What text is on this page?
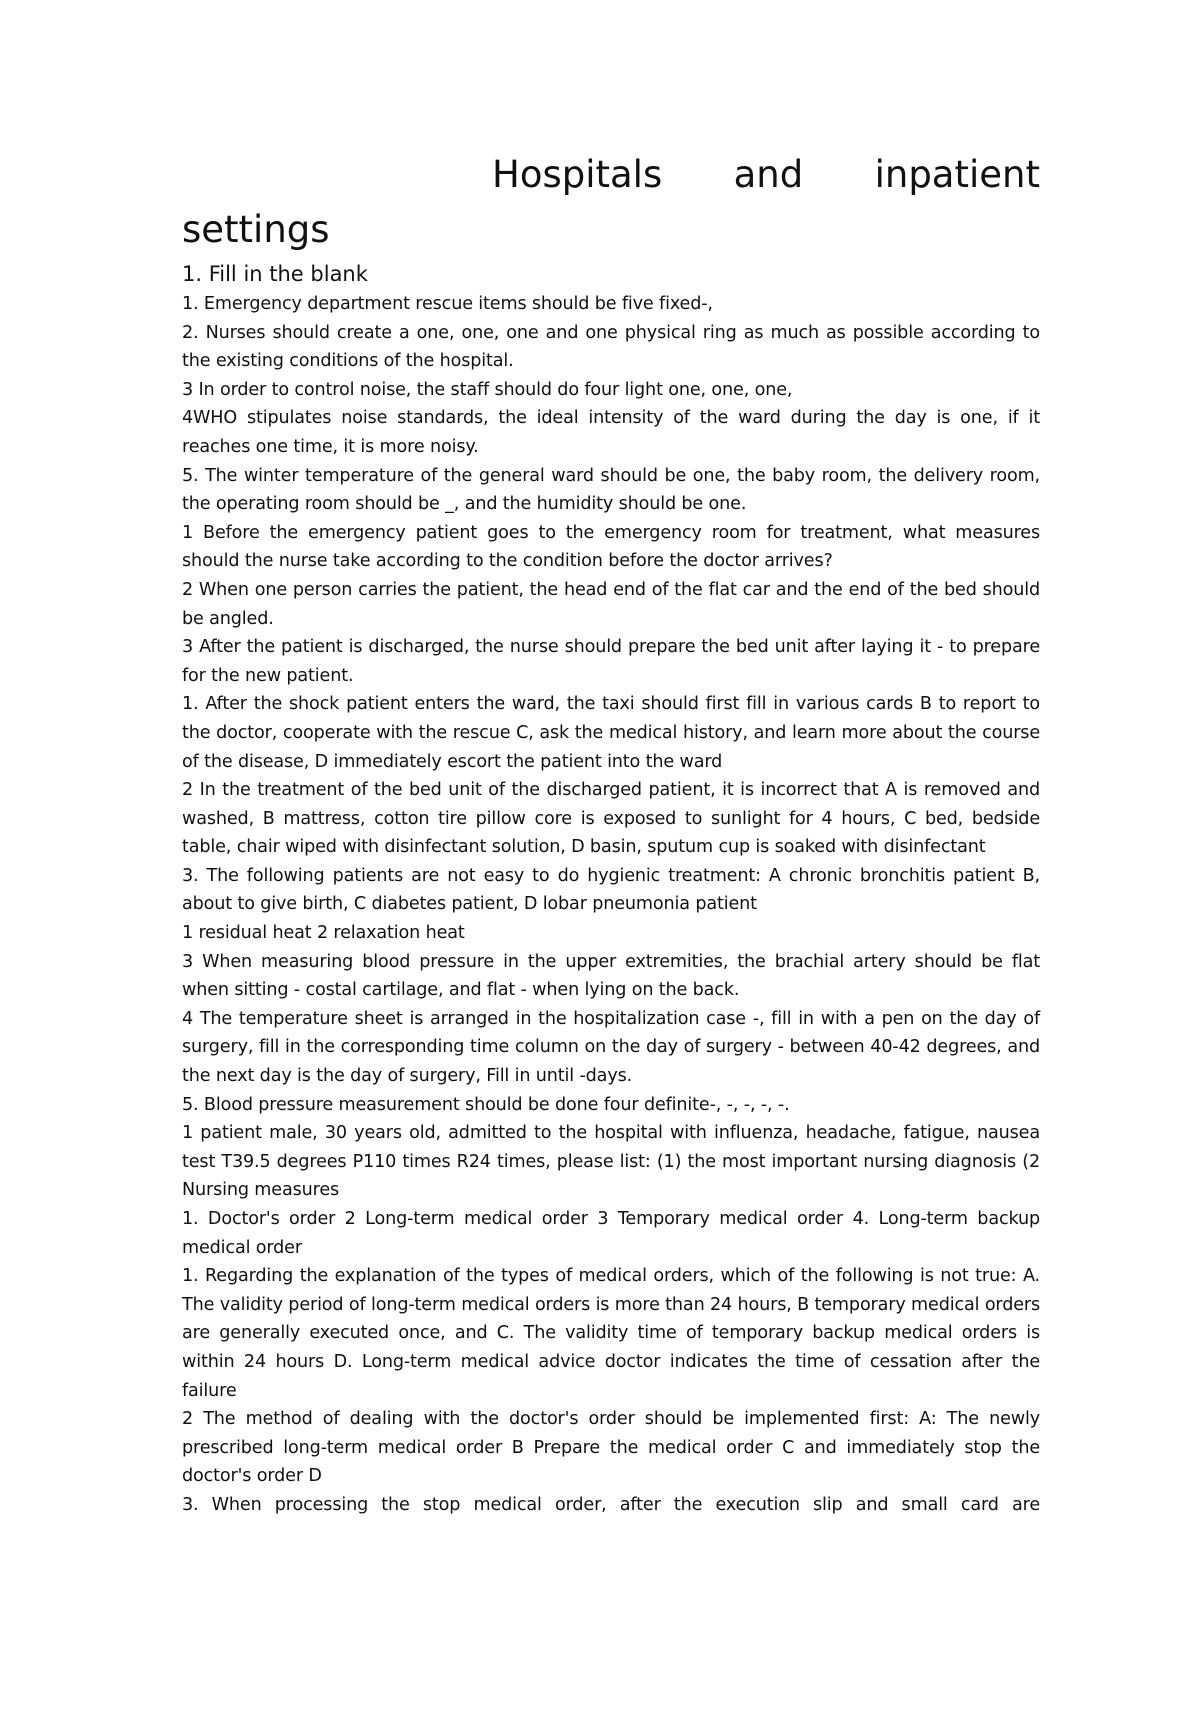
Hospitals and inpatient
settings

1. Fill in the blank

1. Emergency department rescue items should be five fixed-,

2. Nurses should create a one, one, one and one physical ring as much as possible according to the existing conditions of the hospital.

3 In order to control noise, the staff should do four light one, one, one,

4WHO stipulates noise standards, the ideal intensity of the ward during the day is one, if it reaches one time, it is more noisy.

5. The winter temperature of the general ward should be one, the baby room, the delivery room, the operating room should be _, and the humidity should be one.

1 Before the emergency patient goes to the emergency room for treatment, what measures should the nurse take according to the condition before the doctor arrives?

2 When one person carries the patient, the head end of the flat car and the end of the bed should be angled.

3 After the patient is discharged, the nurse should prepare the bed unit after laying it - to prepare for the new patient.

1. After the shock patient enters the ward, the taxi should first fill in various cards B to report to the doctor, cooperate with the rescue C, ask the medical history, and learn more about the course of the disease, D immediately escort the patient into the ward

2 In the treatment of the bed unit of the discharged patient, it is incorrect that A is removed and washed, B mattress, cotton tire pillow core is exposed to sunlight for 4 hours, C bed, bedside table, chair wiped with disinfectant solution, D basin, sputum cup is soaked with disinfectant

3. The following patients are not easy to do hygienic treatment: A chronic bronchitis patient B, about to give birth, C diabetes patient, D lobar pneumonia patient

1 residual heat 2 relaxation heat

3 When measuring blood pressure in the upper extremities, the brachial artery should be flat when sitting - costal cartilage, and flat - when lying on the back.

4 The temperature sheet is arranged in the hospitalization case -, fill in with a pen on the day of surgery, fill in the corresponding time column on the day of surgery - between 40-42 degrees, and the next day is the day of surgery, Fill in until -days.

5. Blood pressure measurement should be done four definite-, -, -, -, -.

1 patient male, 30 years old, admitted to the hospital with influenza, headache, fatigue, nausea test T39.5 degrees P110 times R24 times, please list: (1) the most important nursing diagnosis (2 Nursing measures

1. Doctor's order 2 Long-term medical order 3 Temporary medical order 4. Long-term backup medical order

1. Regarding the explanation of the types of medical orders, which of the following is not true: A. The validity period of long-term medical orders is more than 24 hours, B temporary medical orders are generally executed once, and C. The validity time of temporary backup medical orders is within 24 hours D. Long-term medical advice doctor indicates the time of cessation after the failure

2 The method of dealing with the doctor's order should be implemented first: A: The newly prescribed long-term medical order B Prepare the medical order C and immediately stop the doctor's order D

3. When processing the stop medical order, after the execution slip and small card are
